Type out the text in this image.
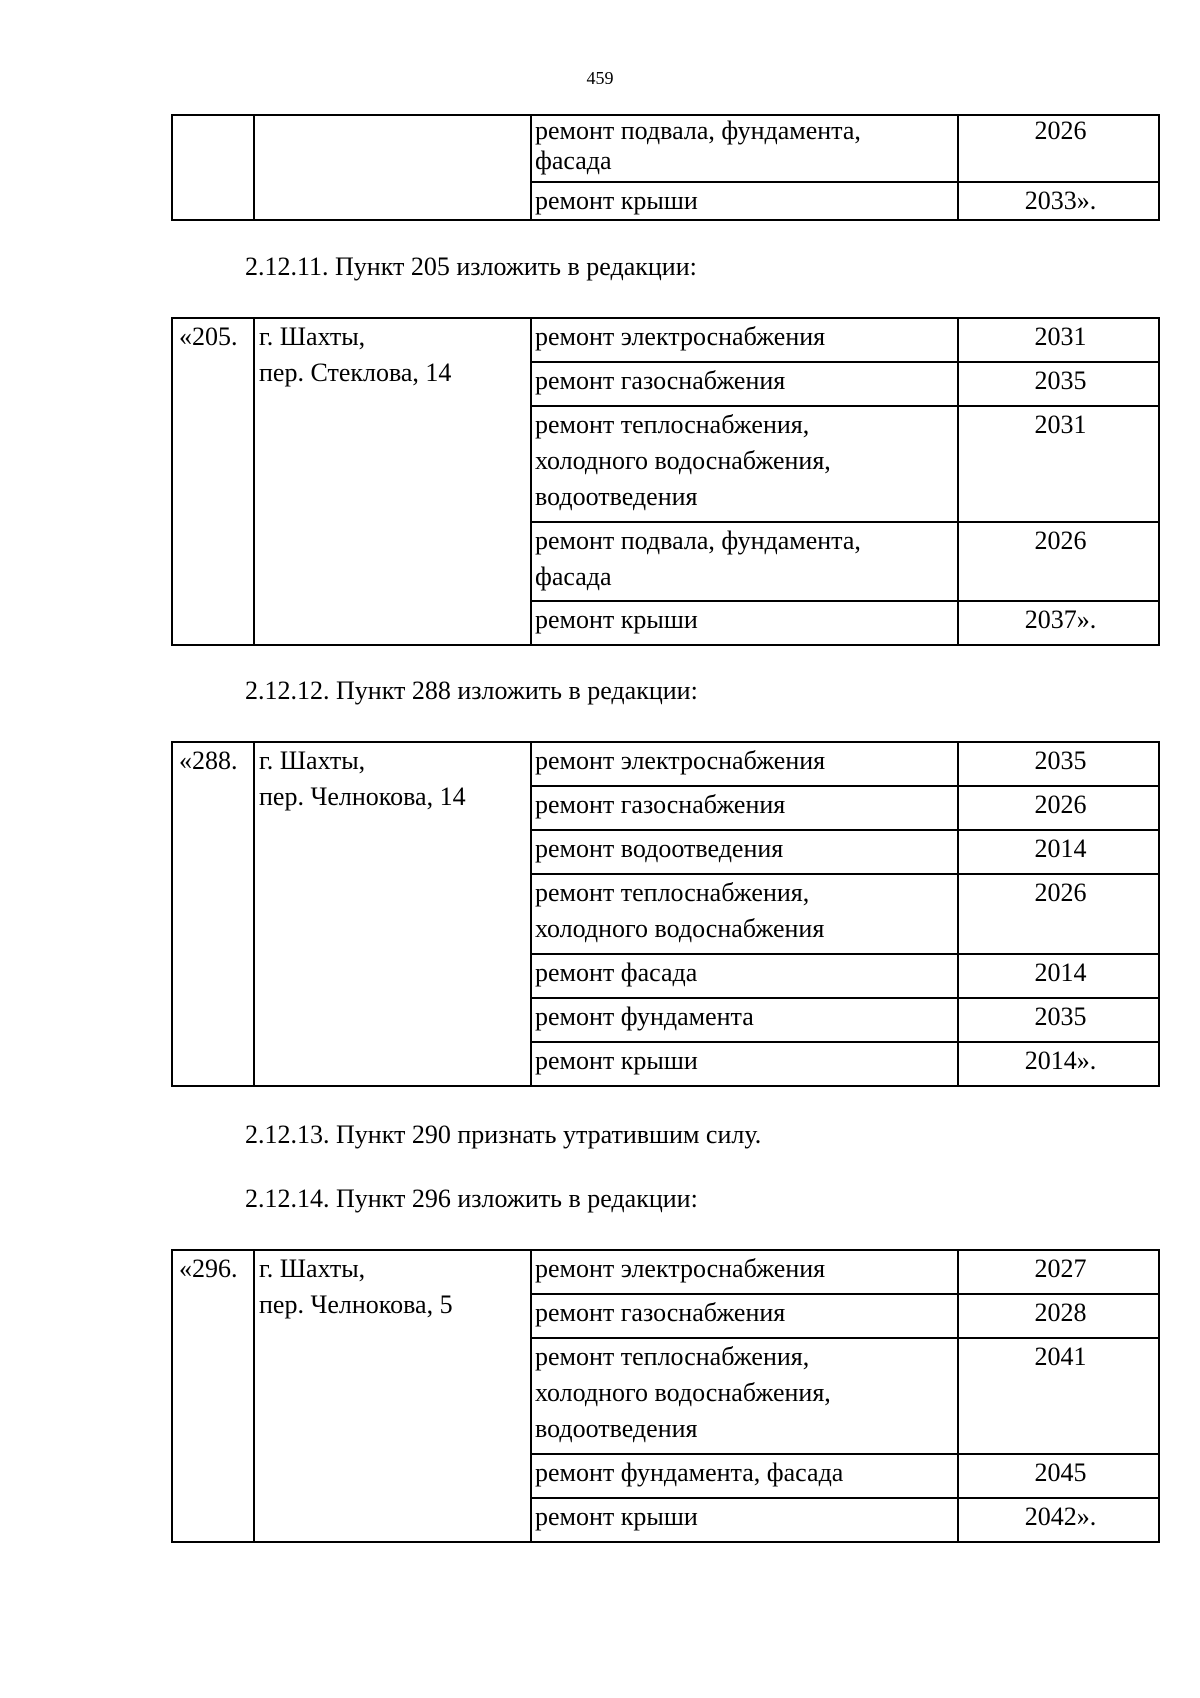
459
		ремонт подвала, фундамента,
фасада	2026
		ремонт крыши	2033».
2.12.11. Пункт 205 изложить в редакции:
«205.	г. Шахты,
пер. Стеклова, 14	ремонт электроснабжения	2031
		ремонт газоснабжения	2035
		ремонт теплоснабжения,
холодного водоснабжения,
водоотведения	2031
		ремонт подвала, фундамента,
фасада	2026
		ремонт крыши	2037».
2.12.12. Пункт 288 изложить в редакции:
«288.	г. Шахты,
пер. Челнокова, 14	ремонт электроснабжения	2035
		ремонт газоснабжения	2026
		ремонт водоотведения	2014
		ремонт теплоснабжения,
холодного водоснабжения	2026
		ремонт фасада	2014
		ремонт фундамента	2035
		ремонт крыши	2014».
2.12.13. Пункт 290 признать утратившим силу.
2.12.14. Пункт 296 изложить в редакции:
«296.	г. Шахты,
пер. Челнокова, 5	ремонт электроснабжения	2027
		ремонт газоснабжения	2028
		ремонт теплоснабжения,
холодного водоснабжения,
водоотведения	2041
		ремонт фундамента, фасада	2045
		ремонт крыши	2042».
